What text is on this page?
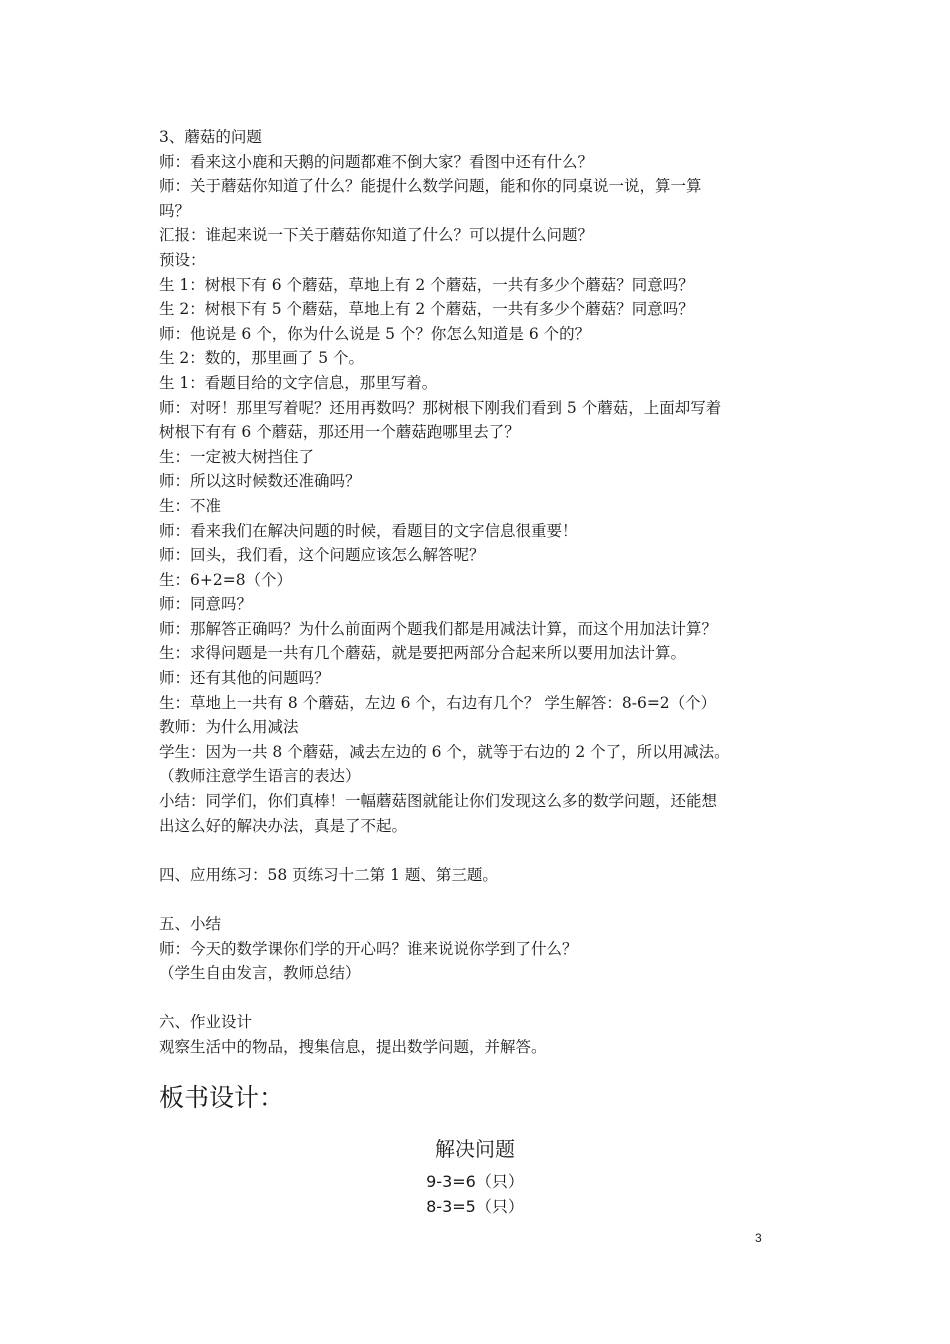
3、蘑菇的问题
师：看来这小鹿和天鹅的问题都难不倒大家？看图中还有什么？
师：关于蘑菇你知道了什么？能提什么数学问题，能和你的同桌说一说，算一算
吗？
汇报：谁起来说一下关于蘑菇你知道了什么？可以提什么问题？
预设：
生 1：树根下有 6 个蘑菇，草地上有 2 个蘑菇，一共有多少个蘑菇？同意吗？
生 2：树根下有 5 个蘑菇，草地上有 2 个蘑菇，一共有多少个蘑菇？同意吗？
师：他说是 6 个，你为什么说是 5 个？你怎么知道是 6 个的？
生 2：数的，那里画了 5 个。
生 1：看题目给的文字信息，那里写着。
师：对呀！那里写着呢？还用再数吗？那树根下刚我们看到 5 个蘑菇，上面却写着
树根下有有 6 个蘑菇，那还用一个蘑菇跑哪里去了？
生：一定被大树挡住了
师：所以这时候数还准确吗？
生：不准
师：看来我们在解决问题的时候，看题目的文字信息很重要！
师：回头，我们看，这个问题应该怎么解答呢？
生：6+2=8（个）
师：同意吗？
师：那解答正确吗？为什么前面两个题我们都是用减法计算，而这个用加法计算？
生：求得问题是一共有几个蘑菇，就是要把两部分合起来所以要用加法计算。
师：还有其他的问题吗？
生：草地上一共有 8 个蘑菇，左边 6 个，右边有几个？ 学生解答：8-6=2（个）
教师：为什么用减法
学生：因为一共 8 个蘑菇，减去左边的 6 个，就等于右边的 2 个了，所以用减法。
（教师注意学生语言的表达）
小结：同学们，你们真棒！一幅蘑菇图就能让你们发现这么多的数学问题，还能想
出这么好的解决办法，真是了不起。
四、应用练习：58 页练习十二第 1 题、第三题。
五、小结
师：今天的数学课你们学的开心吗？谁来说说你学到了什么？
（学生自由发言，教师总结）
六、作业设计
观察生活中的物品，搜集信息，提出数学问题，并解答。
板书设计：
解决问题
9-3=6（只）
8-3=5（只）
3
